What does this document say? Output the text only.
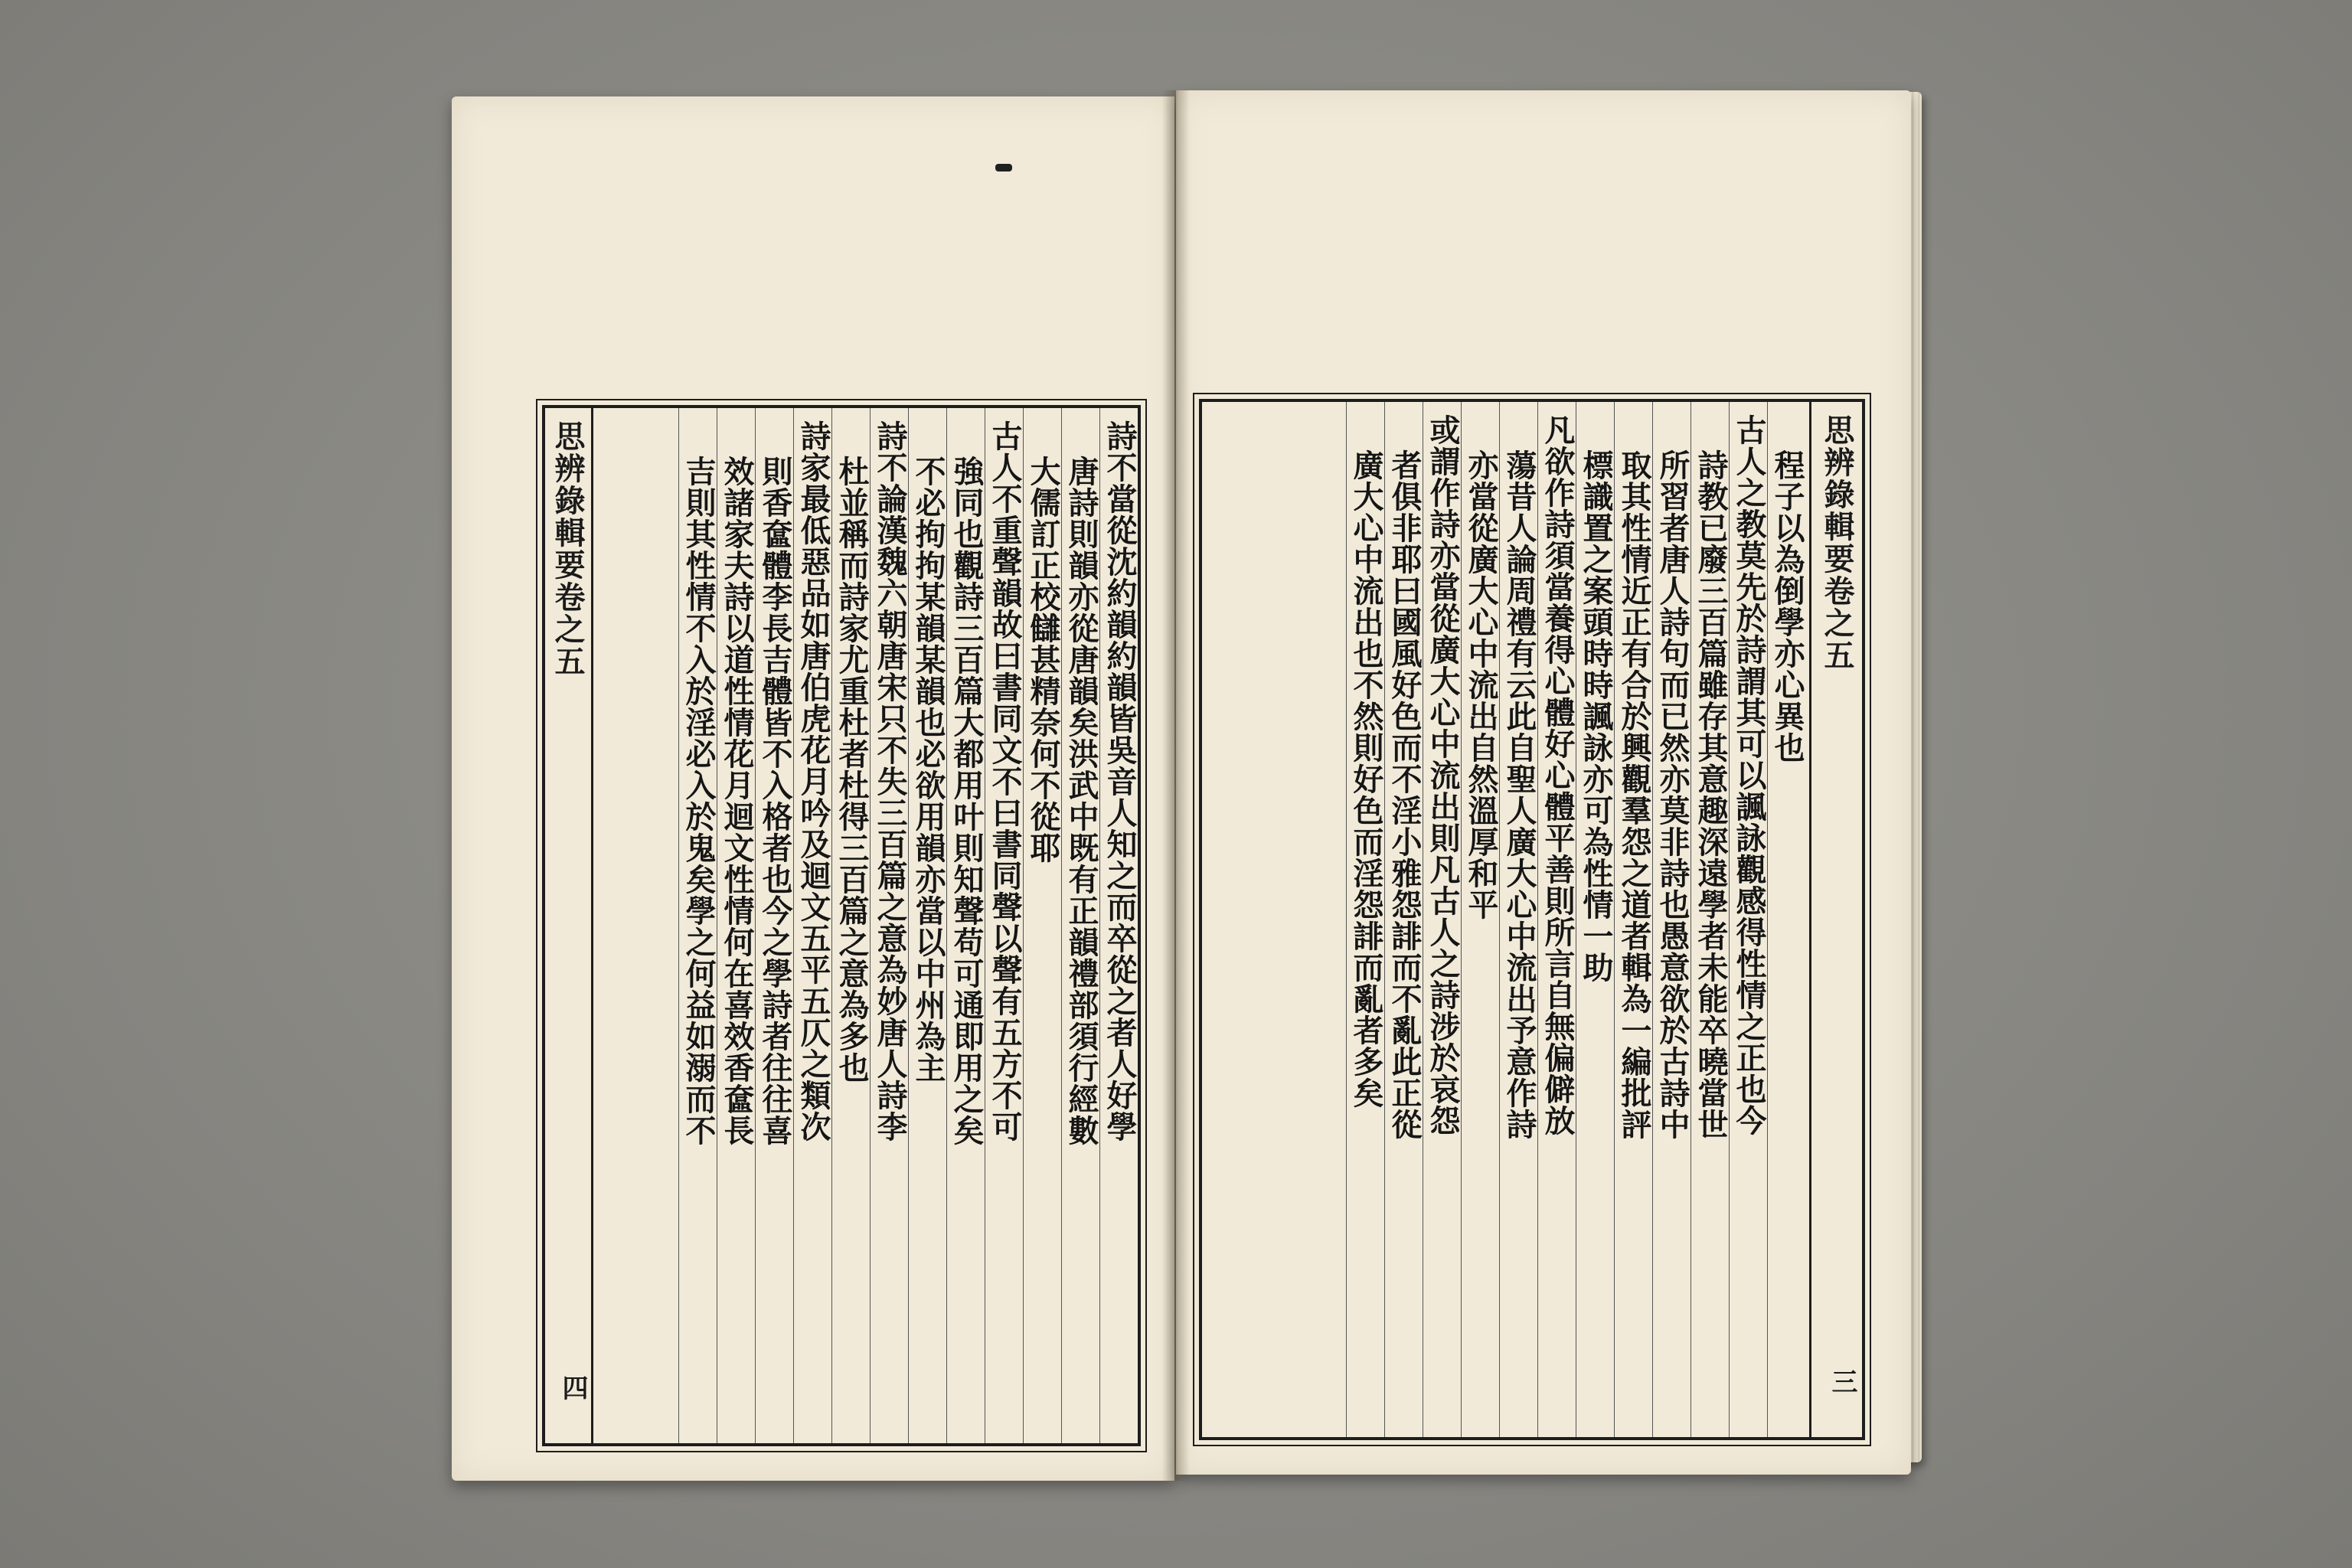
詩不當從沈約韻約韻皆吳音人知之而卒從之者人好學
唐詩則韻亦從唐韻矣洪武中既有正韻禮部須行經數
大儒訂正校讎甚精奈何不從耶
古人不重聲韻故曰書同文不曰書同聲以聲有五方不可
強同也觀詩三百篇大都用叶則知聲苟可通即用之矣
不必拘拘某韻某韻也必欲用韻亦當以中州為主
詩不論漢魏六朝唐宋只不失三百篇之意為妙唐人詩李
杜並稱而詩家尤重杜者杜得三百篇之意為多也
詩家最低惡品如唐伯虎花月吟及迴文五平五仄之類次
則香奩體李長吉體皆不入格者也今之學詩者往往喜
效諸家夫詩以道性情花月迴文性情何在喜效香奩長
吉則其性情不入於淫必入於鬼矣學之何益如溺而不
思辨錄輯要卷之五
四
程子以為倒學亦心異也
古人之教莫先於詩謂其可以諷詠觀感得性情之正也今
詩教已廢三百篇雖存其意趣深遠學者未能卒曉當世
所習者唐人詩句而已然亦莫非詩也愚意欲於古詩中
取其性情近正有合於興觀羣怨之道者輯為一編批評
標識置之案頭時時諷詠亦可為性情一助
凡欲作詩須當養得心體好心體平善則所言自無偏僻放
蕩昔人論周禮有云此自聖人廣大心中流出予意作詩
亦當從廣大心中流出自然溫厚和平
或謂作詩亦當從廣大心中流出則凡古人之詩涉於哀怨
者俱非耶曰國風好色而不淫小雅怨誹而不亂此正從
廣大心中流出也不然則好色而淫怨誹而亂者多矣	思辨錄輯要卷之五
三
